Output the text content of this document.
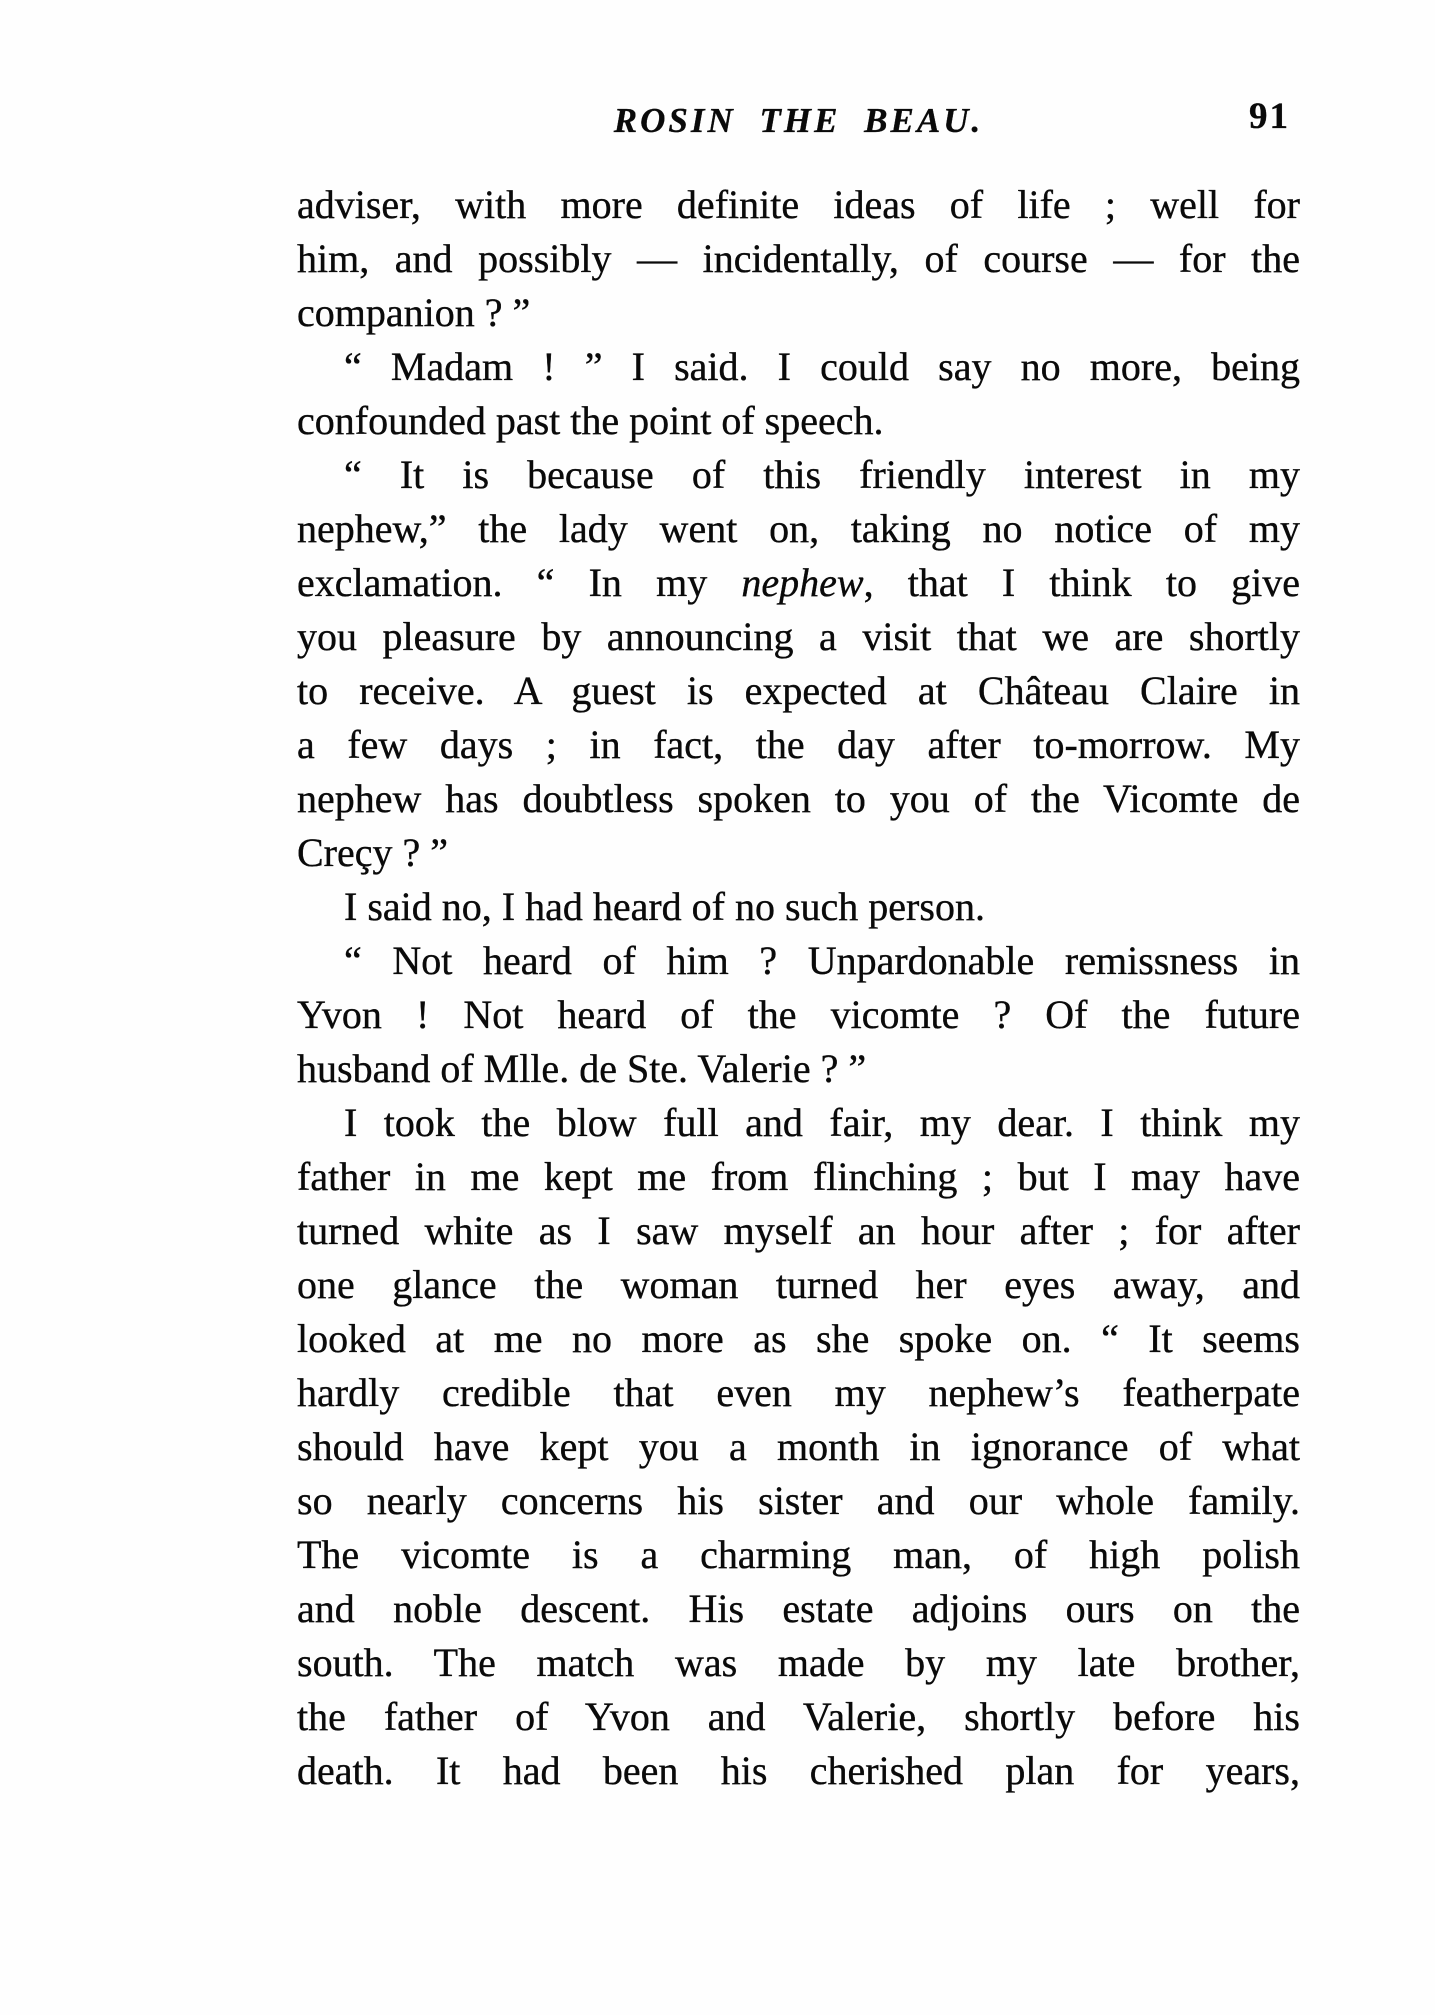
ROSIN THE BEAU.	91
adviser, with more definite ideas of life ; well for
him, and possibly — incidentally, of course — for the
companion ? ”
“ Madam ! ” I said. I could say no more, being
confounded past the point of speech.
“ It is because of this friendly interest in my
nephew,” the lady went on, taking no notice of my
exclamation. “ In my nephew, that I think to give
you pleasure by announcing a visit that we are shortly
to receive. A guest is expected at Château Claire in
a few days ; in fact, the day after to-morrow. My
nephew has doubtless spoken to you of the Vicomte de
Creçy ? ”
I said no, I had heard of no such person.
“ Not heard of him ? Unpardonable remissness in
Yvon ! Not heard of the vicomte ? Of the future
husband of Mlle. de Ste. Valerie ? ”
I took the blow full and fair, my dear. I think my
father in me kept me from flinching ; but I may have
turned white as I saw myself an hour after ; for after
one glance the woman turned her eyes away, and
looked at me no more as she spoke on. “ It seems
hardly credible that even my nephew’s featherpate
should have kept you a month in ignorance of what
so nearly concerns his sister and our whole family.
The vicomte is a charming man, of high polish
and noble descent. His estate adjoins ours on the
south. The match was made by my late brother,
the father of Yvon and Valerie, shortly before his
death. It had been his cherished plan for years,
